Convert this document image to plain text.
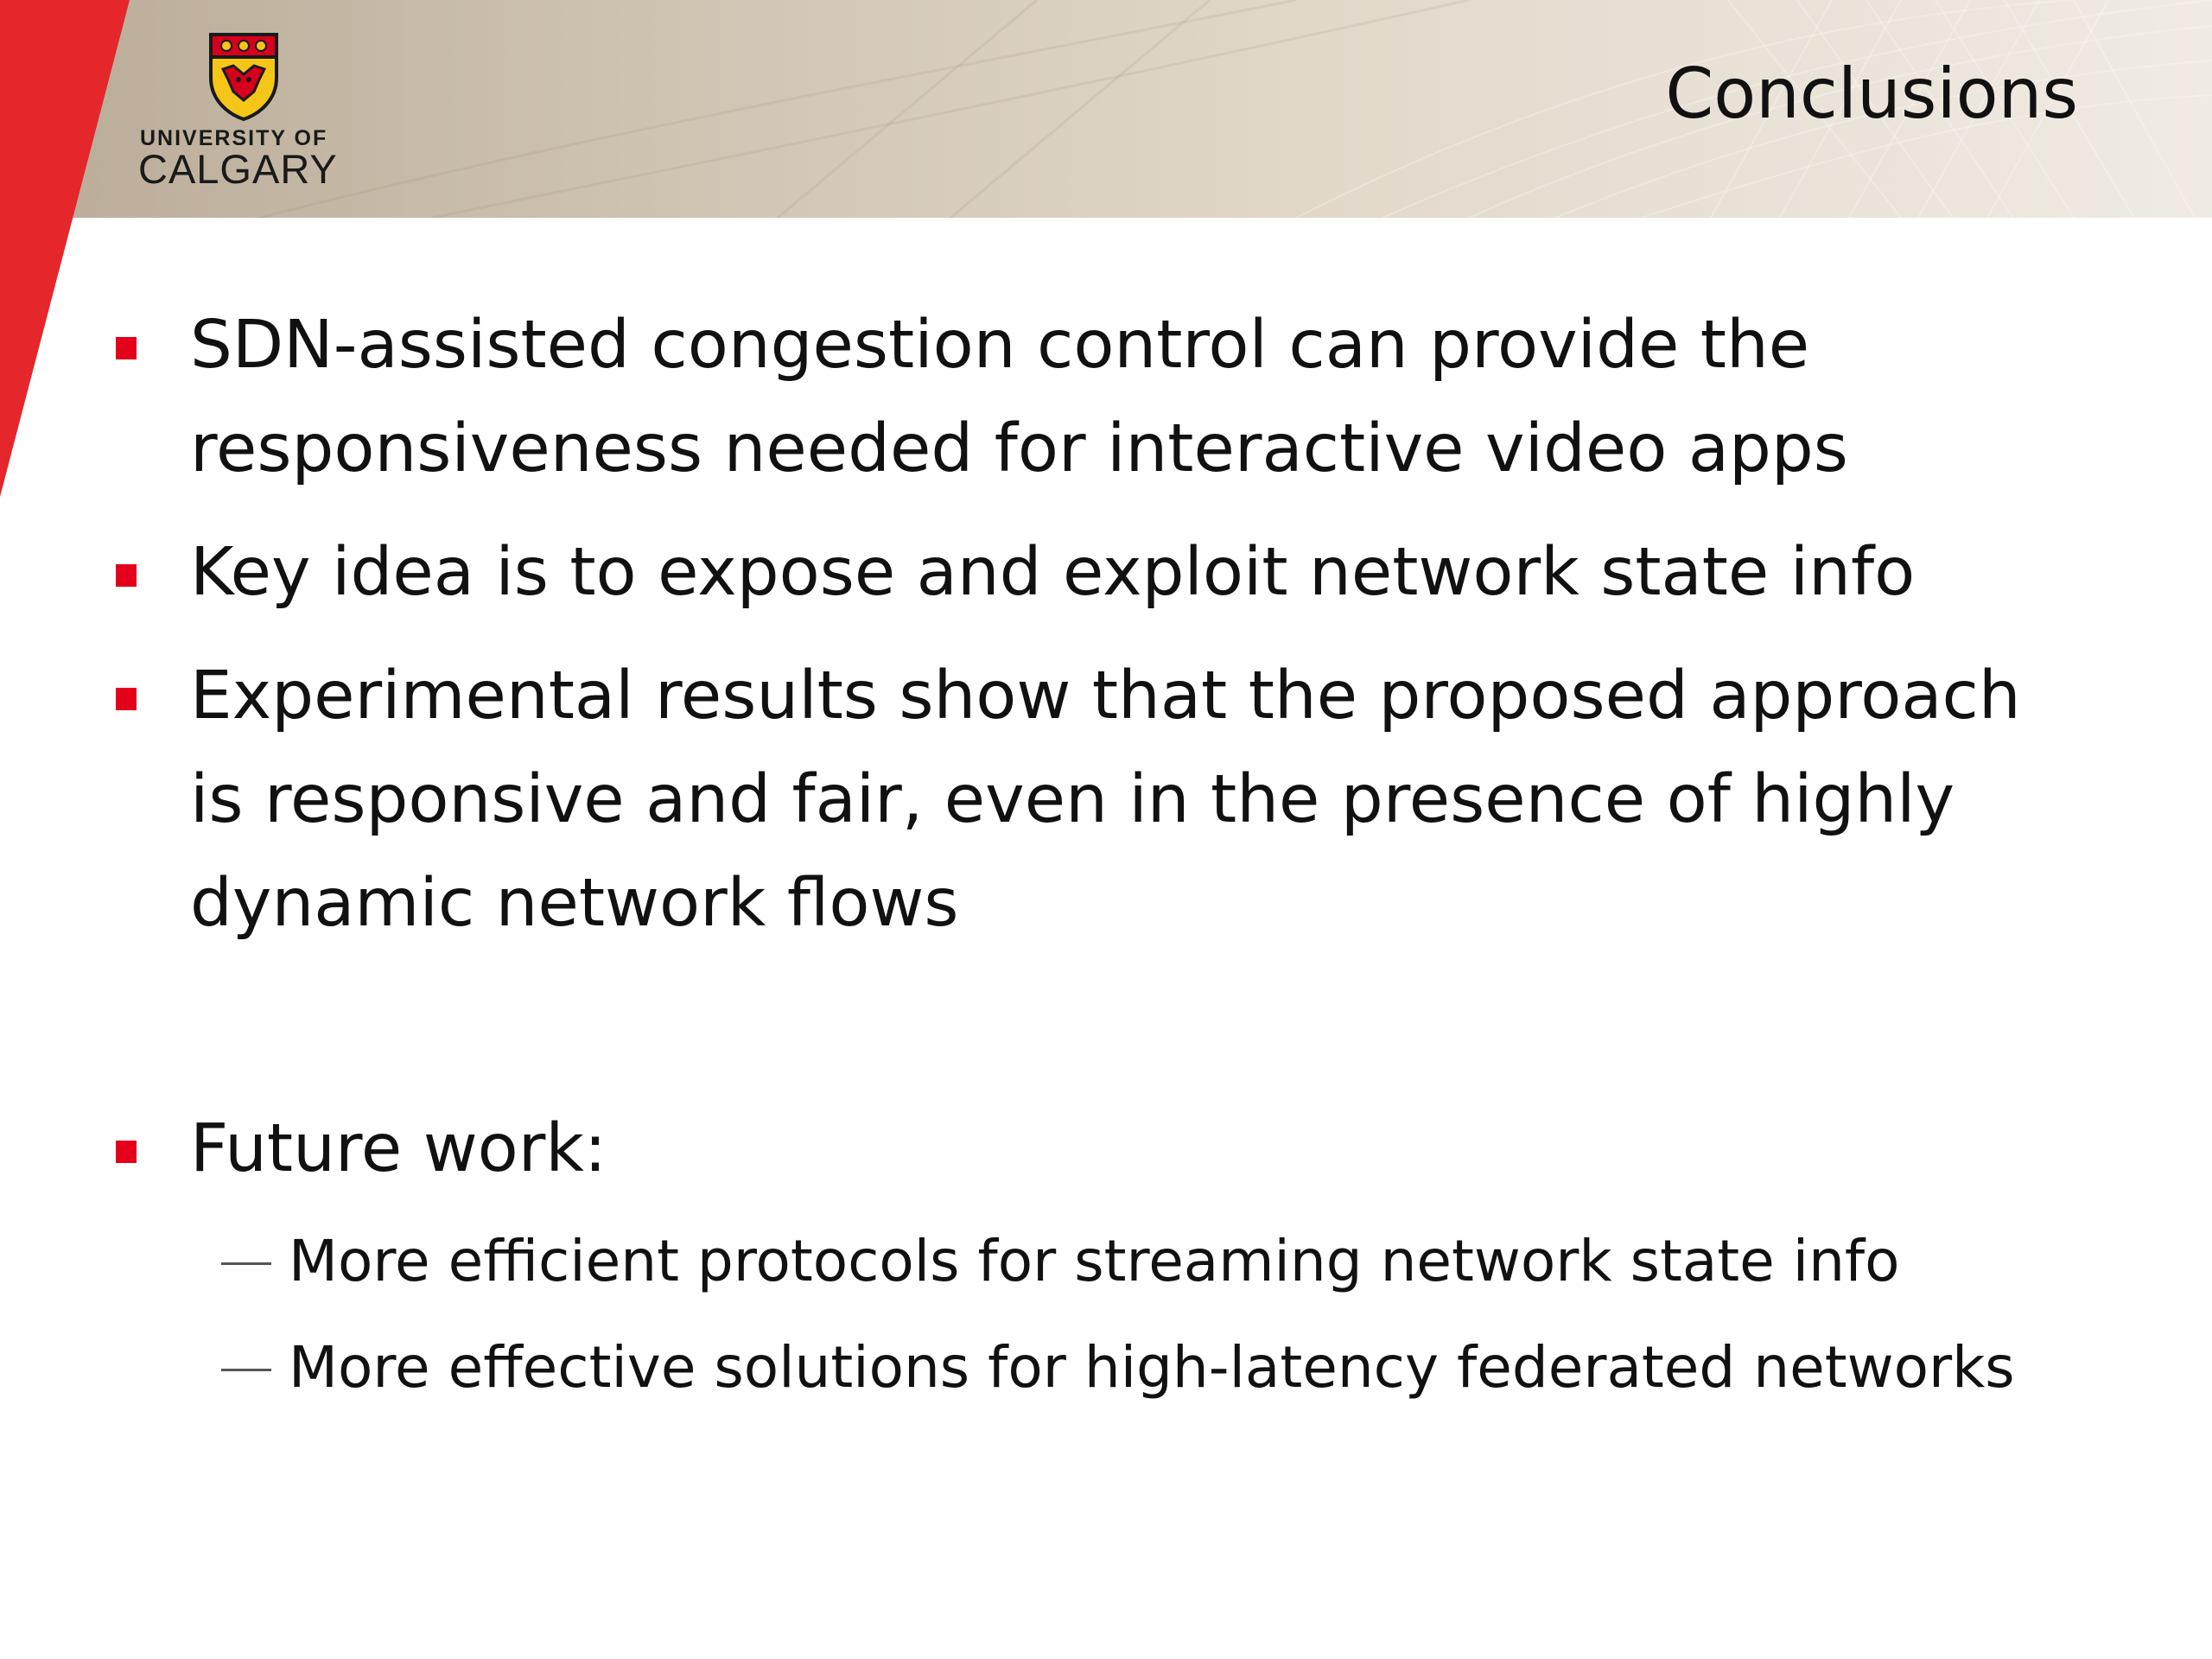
UNIVERSITY OF
CALGARY
Conclusions
SDN-assisted congestion control can provide the
responsiveness needed for interactive video apps
Key idea is to expose and exploit network state info
Experimental results show that the proposed approach
is responsive and fair, even in the presence of highly
dynamic network flows
Future work:
More efficient protocols for streaming network state info
More effective solutions for high-latency federated networks
